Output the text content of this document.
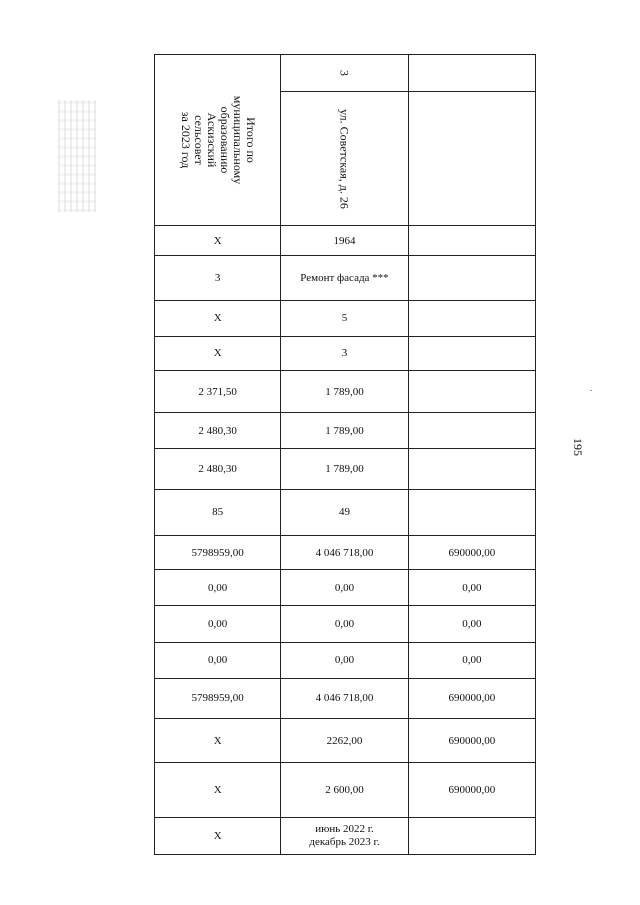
195
Итого по муниципальному
образованию
Аскизский сельсовет
за 2023 год	3	

	ул. Советская, д. 26	

X	1964	
3	Ремонт фасада ***	
X	5	
X	3	
2 371,50	1 789,00	
2 480,30	1 789,00	
2 480,30	1 789,00	
85	49	
5798959,00	4 046 718,00	690000,00
0,00	0,00	0,00
0,00	0,00	0,00
0,00	0,00	0,00
5798959,00	4 046 718,00	690000,00
X	2262,00	690000,00
X	2 600,00	690000,00
X	июнь 2022 г.
декабрь 2023 г.	
